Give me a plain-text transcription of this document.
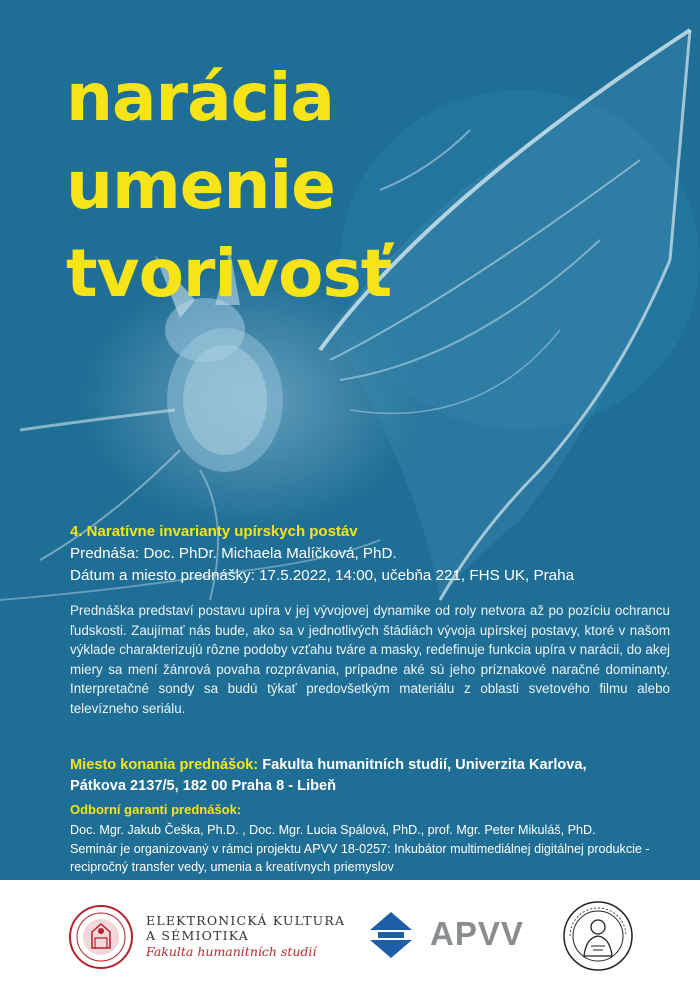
narácia
umenie
tvorivosť
4. Naratívne invarianty upírskych postáv
Prednáša: Doc. PhDr. Michaela Malíčková, PhD.
Dátum a miesto prednášky: 17.5.2022, 14:00, učebňa 221, FHS UK, Praha

Prednáška predstaví postavu upíra v jej vývojovej dynamike od roly netvora až po pozíciu ochrancu ľudskosti. Zaujímať nás bude, ako sa v jednotlivých štádiách vývoja upírskej postavy, ktoré v našom výklade charakterizujú rôzne podoby vzťahu tváre a masky, redefinuje funkcia upíra v narácii, do akej miery sa mení žánrová povaha rozprávania, prípadne aké sú jeho príznakové naračné dominanty. Interpretačné sondy sa budú týkať predovšetkým materiálu z oblasti svetového filmu alebo televízneho seriálu.

Miesto konania prednášok: Fakulta humanitních studií, Univerzita Karlova,
Pátkova 2137/5, 182 00 Praha 8 - Libeň
Odborní garanti prednášok:
Doc. Mgr. Jakub Češka, Ph.D. , Doc. Mgr. Lucia Spálová, PhD., prof. Mgr. Peter Mikuláš, PhD.
Seminár je organizovaný v rámci projektu APVV 18-0257: Inkubátor multimediálnej digitálnej produkcie - recipročný transfer vedy, umenia a kreatívnych priemyslov
ELEKTRONICKÁ KULTURA
A SÉMIOTIKA
Fakulta humanitních studií	APVV
